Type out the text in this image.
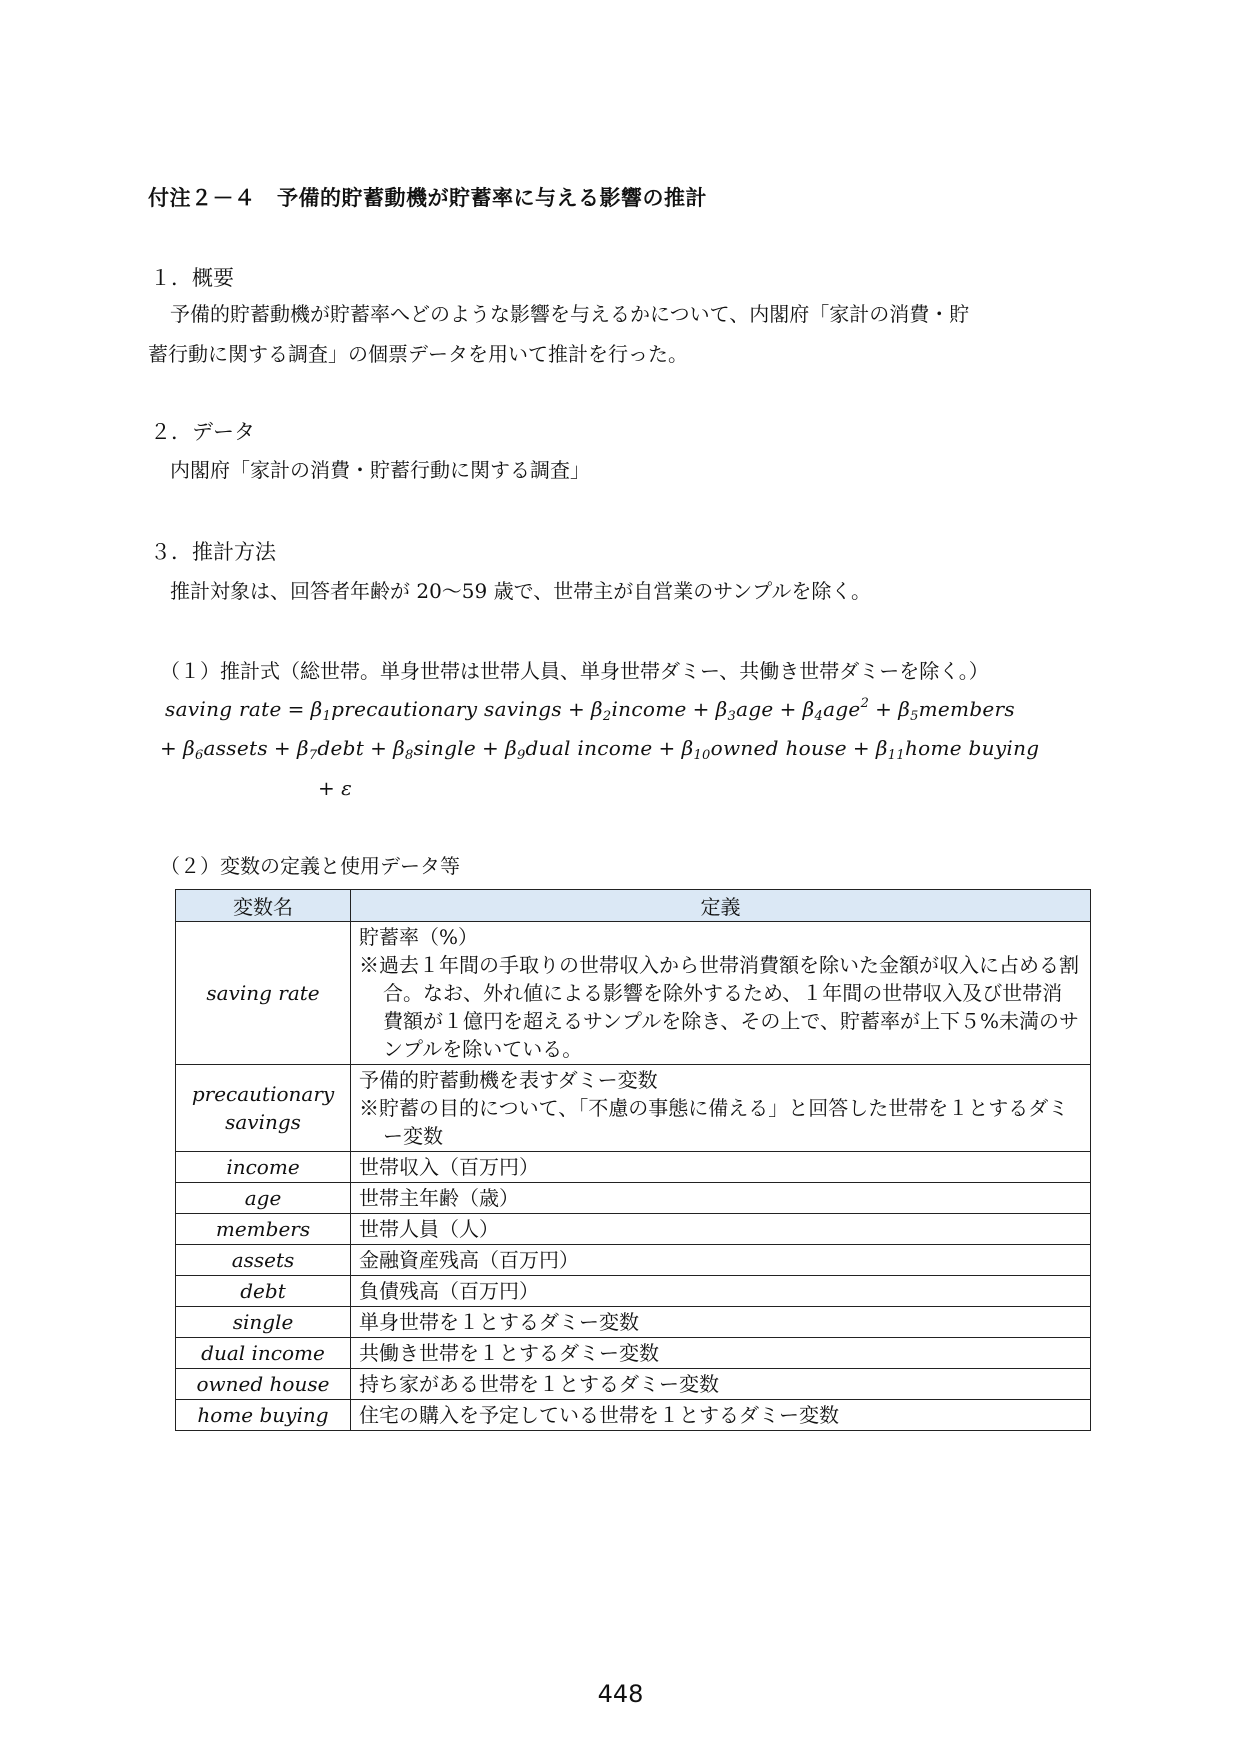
付注２－４　予備的貯蓄動機が貯蓄率に与える影響の推計
１．概要
予備的貯蓄動機が貯蓄率へどのような影響を与えるかについて、内閣府「家計の消費・貯
蓄行動に関する調査」の個票データを用いて推計を行った。
２．データ
内閣府「家計の消費・貯蓄行動に関する調査」
３．推計方法
推計対象は、回答者年齢が 20～59 歳で、世帯主が自営業のサンプルを除く。
（１）推計式（総世帯。単身世帯は世帯人員、単身世帯ダミー、共働き世帯ダミーを除く。）
saving rate = $\beta_1precautionary$ savings + $\beta_2income + \beta_3age + \beta_4age^2$ + $\beta_5members$
+ $\beta_6assets$ + $\beta_7debt$ + $\beta_8single$ + $\beta_9dual$ income + $\beta_{10}owned$ house + $\beta_{11}home$ buying
+ ε
（２）変数の定義と使用データ等
変数名	定義
saving rate	貯蓄率（%）
※過去１年間の手取りの世帯収入から世帯消費額を除いた金額が収入に占める割合。なお、外れ値による影響を除外するため、１年間の世帯収入及び世帯消費額が１億円を超えるサンプルを除き、その上で、貯蓄率が上下５%未満のサンプルを除いている。

precautionary
savings	予備的貯蓄動機を表すダミー変数
※貯蓄の目的について、「不慮の事態に備える」と回答した世帯を１とするダミー変数

income	世帯収入（百万円）
age	世帯主年齢（歳）
members	世帯人員（人）
assets	金融資産残高（百万円）
debt	負債残高（百万円）
single	単身世帯を１とするダミー変数
dual income	共働き世帯を１とするダミー変数
owned house	持ち家がある世帯を１とするダミー変数
home buying	住宅の購入を予定している世帯を１とするダミー変数
448
